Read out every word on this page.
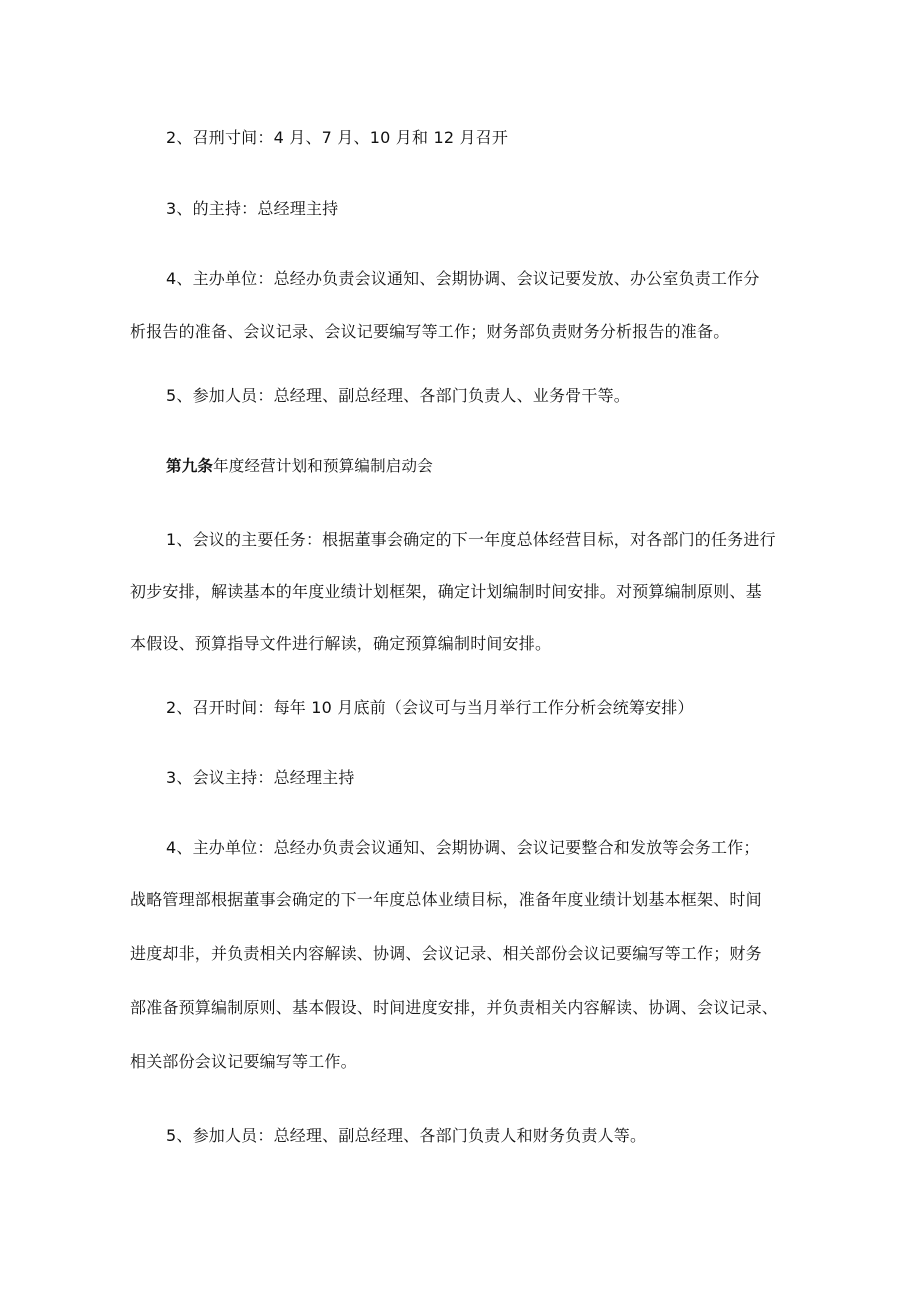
2、召刑寸间：4 月、7 月、10 月和 12 月召开
3、的主持：总经理主持
4、主办单位：总经办负责会议通知、会期协调、会议记要发放、办公室负责工作分
析报告的准备、会议记录、会议记要编写等工作；财务部负责财务分析报告的准备。
5、参加人员：总经理、副总经理、各部门负责人、业务骨干等。
第九条年度经营计划和预算编制启动会
1、会议的主要任务：根据董事会确定的下一年度总体经营目标，对各部门的任务进行
初步安排，解读基本的年度业绩计划框架，确定计划编制时间安排。对预算编制原则、基
本假设、预算指导文件进行解读，确定预算编制时间安排。
2、召开时间：每年 10 月底前（会议可与当月举行工作分析会统筹安排）
3、会议主持：总经理主持
4、主办单位：总经办负责会议通知、会期协调、会议记要整合和发放等会务工作；
战略管理部根据董事会确定的下一年度总体业绩目标，准备年度业绩计划基本框架、时间
进度却非，并负责相关内容解读、协调、会议记录、相关部份会议记要编写等工作；财务
部准备预算编制原则、基本假设、时间进度安排，并负责相关内容解读、协调、会议记录、
相关部份会议记要编写等工作。
5、参加人员：总经理、副总经理、各部门负责人和财务负责人等。
